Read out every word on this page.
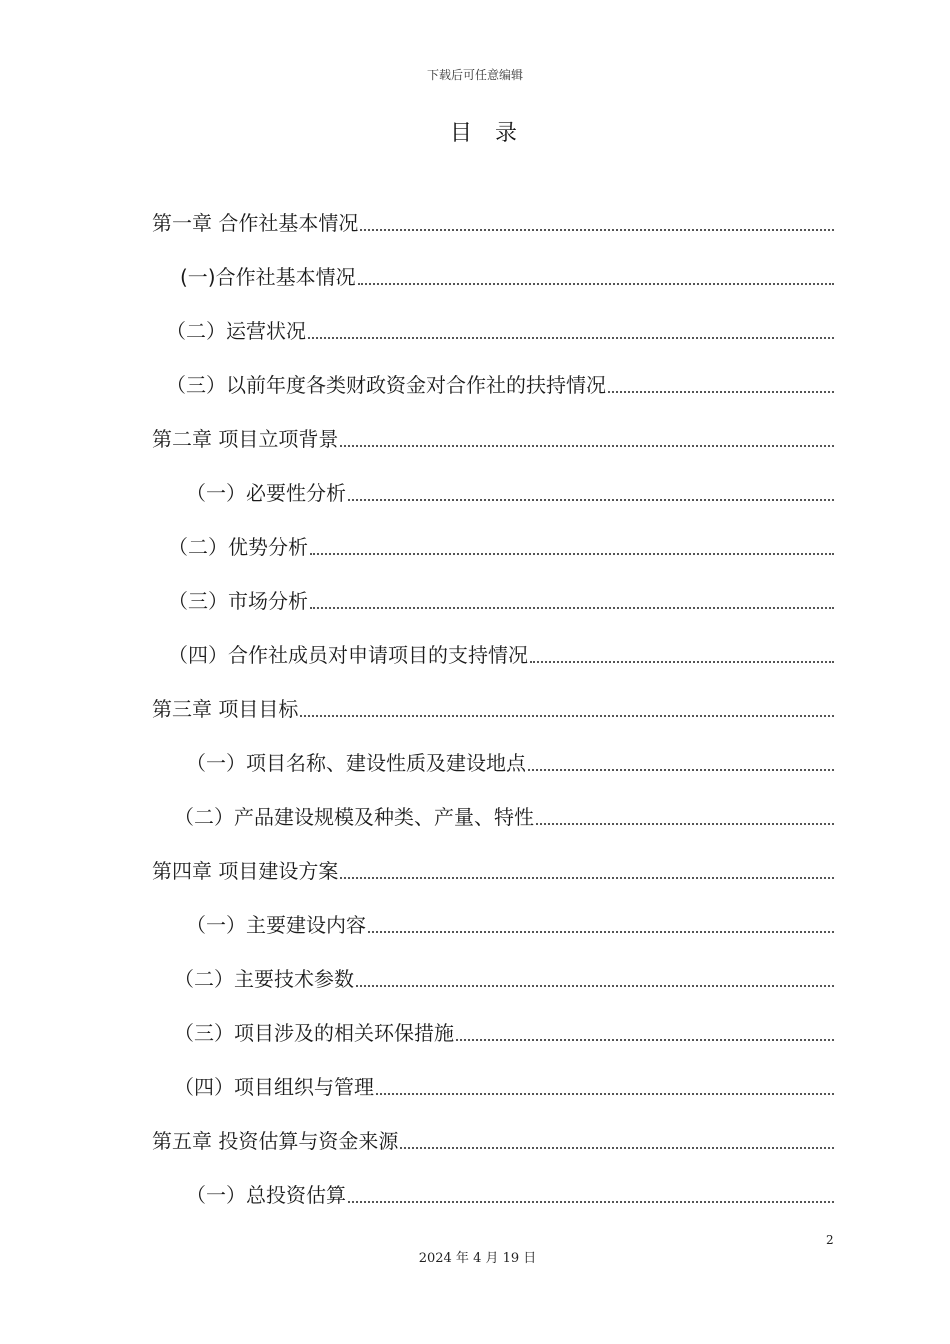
下载后可任意编辑
目 录
第一章 合作社基本情况
(一)合作社基本情况
（二）运营状况
（三）以前年度各类财政资金对合作社的扶持情况
第二章 项目立项背景
（一）必要性分析
（二）优势分析
（三）市场分析
（四）合作社成员对申请项目的支持情况
第三章 项目目标
（一）项目名称、建设性质及建设地点
（二）产品建设规模及种类、产量、特性
第四章 项目建设方案
（一）主要建设内容
（二）主要技术参数
（三）项目涉及的相关环保措施
（四）项目组织与管理
第五章 投资估算与资金来源
（一）总投资估算
2
2024 年 4 月 19 日
